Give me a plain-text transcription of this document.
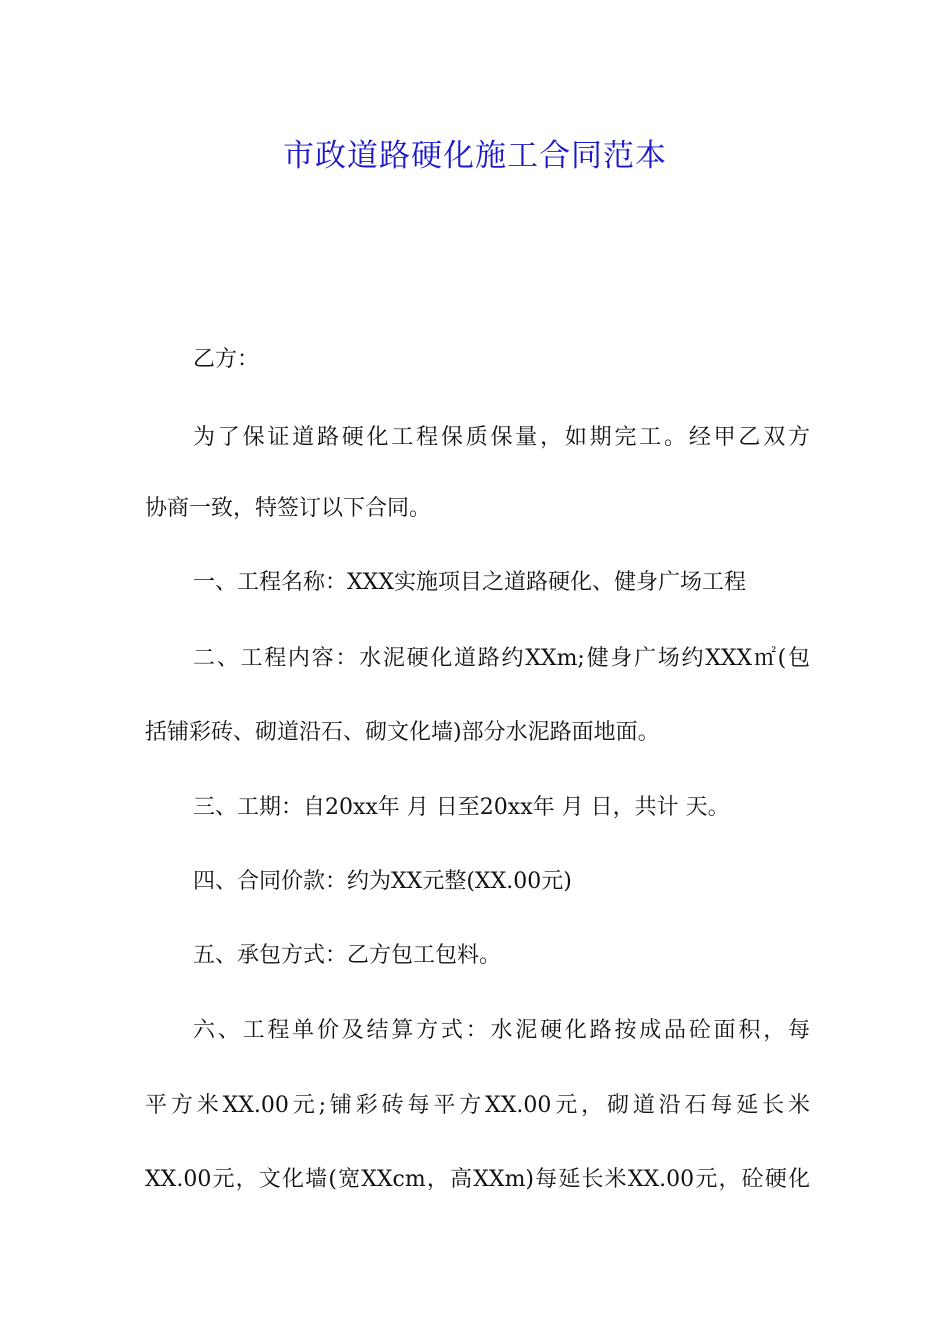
市政道路硬化施工合同范本

乙方：

为了保证道路硬化工程保质保量，如期完工。经甲乙双方

协商一致，特签订以下合同。

一、工程名称：XXX实施项目之道路硬化、健身广场工程

二、工程内容：水泥硬化道路约XXm;健身广场约XXX㎡(包

括铺彩砖、砌道沿石、砌文化墙)部分水泥路面地面。

三、工期：自20xx年 月 日至20xx年 月 日，共计 天。

四、合同价款：约为XX元整(XX.00元)

五、承包方式：乙方包工包料。

六、工程单价及结算方式：水泥硬化路按成品砼面积，每

平方米XX.00元;铺彩砖每平方XX.00元，砌道沿石每延长米

XX.00元，文化墙(宽XXcm，高XXm)每延长米XX.00元，砼硬化
